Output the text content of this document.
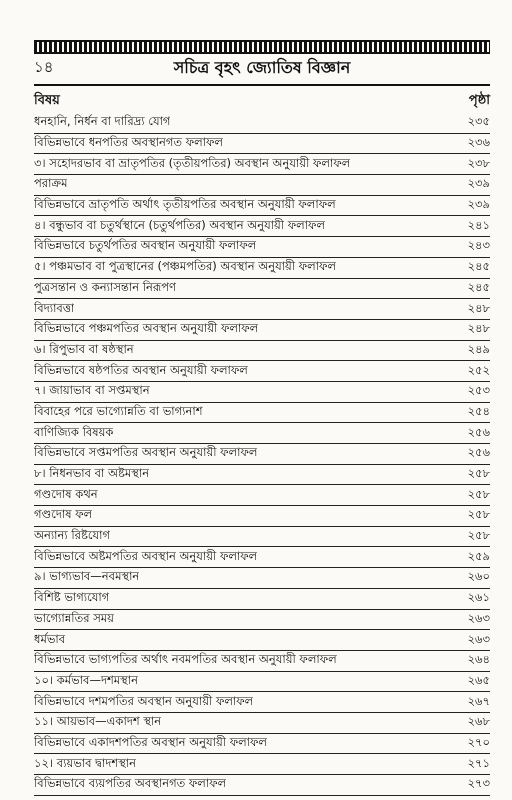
১৪	সচিত্র বৃহৎ জ্যোতিষ বিজ্ঞান
বিষয়	পৃষ্ঠা
ধনহানি, নির্ধন বা দারিদ্র্য যোগ	২৩৫
বিভিন্নভাবে ধনপতির অবস্থানগত ফলাফল	২৩৬
৩। সহোদরভাব বা ভ্রাতৃপতির (তৃতীয়পতির) অবস্থান অনুযায়ী ফলাফল	২৩৮
পরাক্রম	২৩৯
বিভিন্নভাবে ভ্রাতৃপতি অর্থাৎ তৃতীয়পতির অবস্থান অনুযায়ী ফলাফল	২৩৯
৪। বন্ধুভাব বা চতুর্থস্থানে (চতুর্থপতির) অবস্থান অনুযায়ী ফলাফল	২৪১
বিভিন্নভাবে চতুর্থপতির অবস্থান অনুযায়ী ফলাফল	২৪৩
৫। পঞ্চমভাব বা পুত্রস্থানের (পঞ্চমপতির) অবস্থান অনুযায়ী ফলাফল	২৪৫
পুত্রসন্তান ও কন্যাসন্তান নিরূপণ	২৪৫
বিদ্যাবত্তা	২৪৮
বিভিন্নভাবে পঞ্চমপতির অবস্থান অনুযায়ী ফলাফল	২৪৮
৬। রিপুভাব বা ষষ্ঠস্থান	২৪৯
বিভিন্নভাবে ষষ্ঠপতির অবস্থান অনুযায়ী ফলাফল	২৫২
৭। জায়াভাব বা সপ্তমস্থান	২৫৩
বিবাহের পরে ভাগ্যোন্নতি বা ভাগ্যনাশ	২৫৪
বাণিজ্যিক বিষয়ক	২৫৬
বিভিন্নভাবে সপ্তমপতির অবস্থান অনুযায়ী ফলাফল	২৫৬
৮। নিধনভাব বা অষ্টমস্থান	২৫৮
গণ্ডদোষ কথন	২৫৮
গণ্ডদোষ ফল	২৫৮
অন্যান্য রিষ্টযোগ	২৫৮
বিভিন্নভাবে অষ্টমপতির অবস্থান অনুযায়ী ফলাফল	২৫৯
৯। ভাগ্যভাব—নবমস্থান	২৬০
বিশিষ্ট ভাগ্যযোগ	২৬১
ভাগ্যোন্নতির সময়	২৬৩
ধর্মভাব	২৬৩
বিভিন্নভাবে ভাগ্যপতির অর্থাৎ নবমপতির অবস্থান অনুযায়ী ফলাফল	২৬৪
১০। কর্মভাব—দশমস্থান	২৬৫
বিভিন্নভাবে দশমপতির অবস্থান অনুযায়ী ফলাফল	২৬৭
১১। আয়ভাব—একাদশ স্থান	২৬৮
বিভিন্নভাবে একাদশপতির অবস্থান অনুযায়ী ফলাফল	২৭০
১২। ব্যয়ভাব দ্বাদশস্থান	২৭১
বিভিন্নভাবে ব্যয়পতির অবস্থানগত ফলাফল	২৭৩
